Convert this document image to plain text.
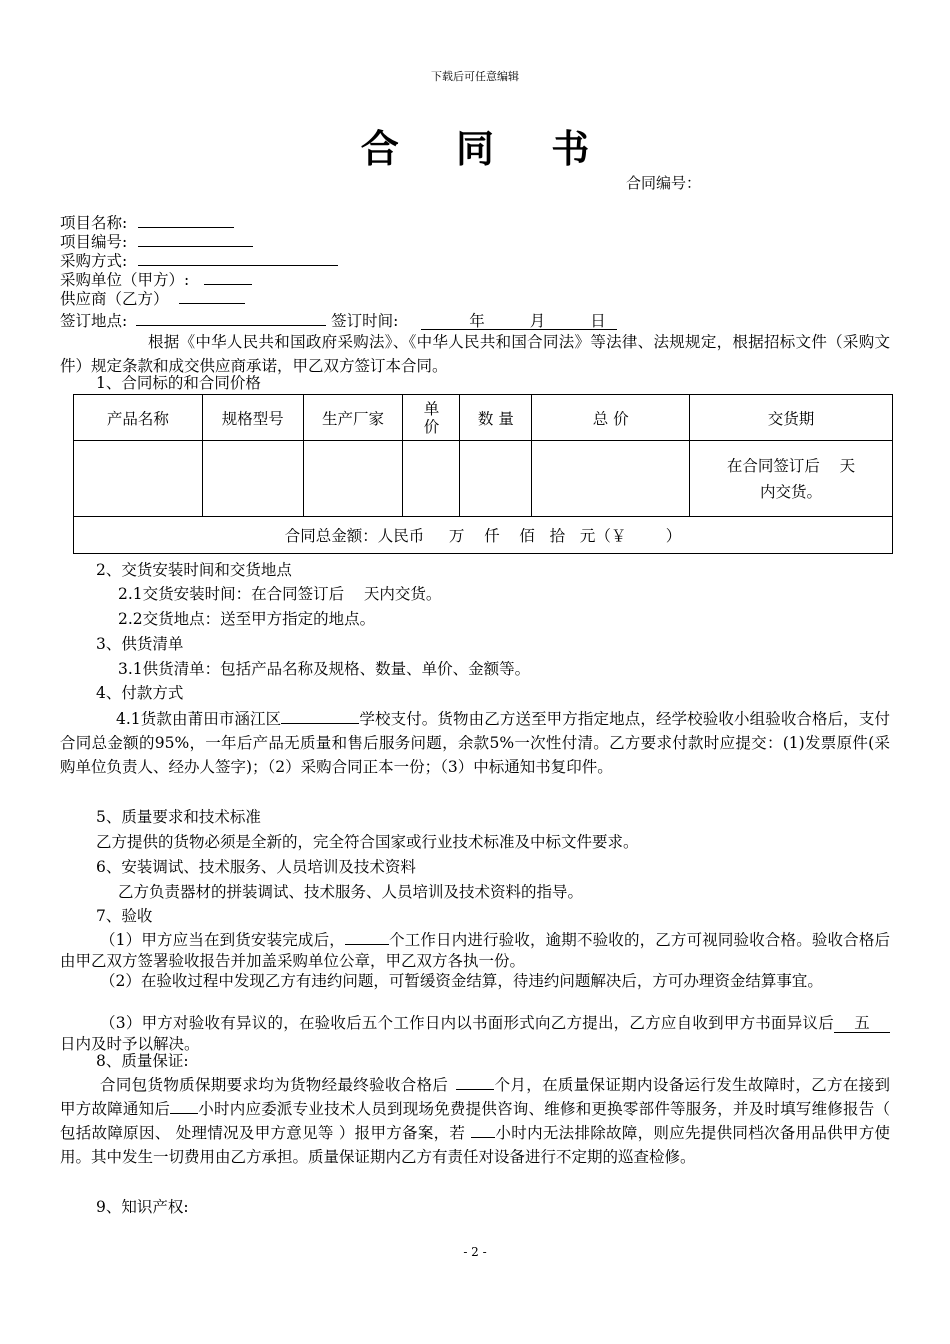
下载后可任意编辑
合 同 书
合同编号：
项目名称:
项目编号:
采购方式:
采购单位（甲方）:
供应商（乙方）
签订地点:	签订时间:	年	月	日
根据《中华人民共和国政府采购法》、《中华人民共和国合同法》等法律、法规规定，根据招标文件（采购文件）规定条款和成交供应商承诺，甲乙双方签订本合同。
1、合同标的和合同价格
产品名称	规格型号	生产厂家	单价	数 量	总 价	交货期

						在合同签订后    天
内交货。

合同总金额：人民币     万    仟    佰   拾   元（￥        ）						
2、交货安装时间和交货地点
2.1交货安装时间：在合同签订后    天内交货。
2.2交货地点：送至甲方指定的地点。
3、供货清单
3.1供货清单：包括产品名称及规格、数量、单价、金额等。
4、付款方式
4.1货款由莆田市涵江区	学校支付。货物由乙方送至甲方指定地点，经学校验收小组验收合格后，支付合同总金额的95%，一年后产品无质量和售后服务问题，余款5%一次性付清。乙方要求付款时应提交：(1)发票原件(采购单位负责人、经办人签字)；（2）采购合同正本一份；（3）中标通知书复印件。
5、质量要求和技术标准
乙方提供的货物必须是全新的，完全符合国家或行业技术标准及中标文件要求。
6、安装调试、技术服务、人员培训及技术资料
乙方负责器材的拼装调试、技术服务、人员培训及技术资料的指导。
7、验收
（1）甲方应当在到货安装完成后，	个工作日内进行验收，逾期不验收的，乙方可视同验收合格。验收合格后由甲乙双方签署验收报告并加盖采购单位公章，甲乙双方各执一份。
（2）在验收过程中发现乙方有违约问题，可暂缓资金结算，待违约问题解决后，方可办理资金结算事宜。
（3）甲方对验收有异议的，在验收后五个工作日内以书面形式向乙方提出，乙方应自收到甲方书面异议后 五日内及时予以解决。
8、质量保证:
合同包货物质保期要求均为货物经最终验收合格后	个月，在质量保证期内设备运行发生故障时，乙方在接到甲方故障通知后 小时内应委派专业技术人员到现场免费提供咨询、维修和更换零部件等服务，并及时填写维修报告（ 包括故障原因、 处理情况及甲方意见等 ）报甲方备案，若 小时内无法排除故障，则应先提供同档次备用品供甲方使用。其中发生一切费用由乙方承担。质量保证期内乙方有责任对设备进行不定期的巡查检修。
9、知识产权:
- 2 -
